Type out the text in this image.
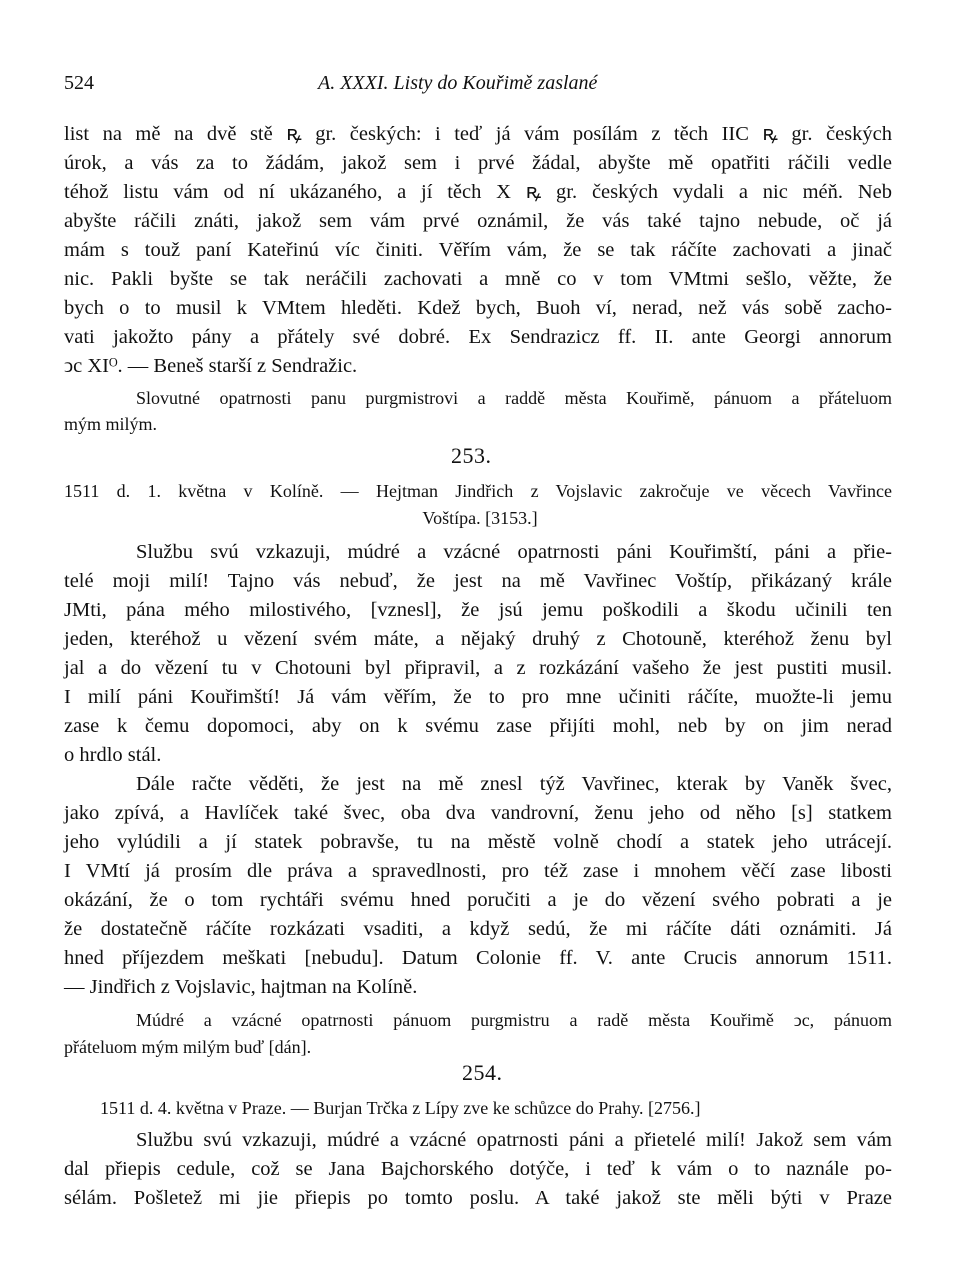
524	A. XXXI. Listy do Kouřimě zaslané
list na mě na dvě stě ꝶ gr. českých: i teď já vám posílám z těch IIC ꝶ gr. českých
úrok, a vás za to žádám, jakož sem i prvé žádal, abyšte mě opatřiti ráčili vedle
téhož listu vám od ní ukázaného, a jí těch X ꝶ gr. českých vydali a nic méň. Neb
abyšte ráčili znáti, jakož sem vám prvé oznámil, že vás také tajno nebude, oč já
mám s touž paní Kateřinú víc činiti. Věřím vám, že se tak ráčíte zachovati a jinač
nic. Pakli byšte se tak neráčili zachovati a mně co v tom VMtmi sešlo, věžte, že
bych o to musil k VMtem hleděti. Kdež bych, Buoh ví, nerad, než vás sobě zacho-
vati jakožto pány a přátely své dobré. Ex Sendrazicz ff. II. ante Georgi annorum
ↄc XIᴼ. — Beneš starší z Sendražic.
Slovutné opatrnosti panu purgmistrovi a raddě města Kouřimě, pánuom a přáteluom
mým milým.
253.
1511 d. 1. května v Kolíně. — Hejtman Jindřich z Vojslavic zakročuje ve věcech Vavřince
Voštípa. [3153.]
Službu svú vzkazuji, múdré a vzácné opatrnosti páni Kouřimští, páni a přie-
telé moji milí! Tajno vás nebuď, že jest na mě Vavřinec Voštíp, přikázaný krále
JMti, pána mého milostivého, [vznesl], že jsú jemu poškodili a škodu učinili ten
jeden, kteréhož u vězení svém máte, a nějaký druhý z Chotouně, kteréhož ženu byl
jal a do vězení tu v Chotouni byl připravil, a z rozkázání vašeho že jest pustiti musil.
I milí páni Kouřimští! Já vám věřím, že to pro mne učiniti ráčíte, muožte-li jemu
zase k čemu dopomoci, aby on k svému zase přijíti mohl, neb by on jim nerad
o hrdlo stál.
Dále račte věděti, že jest na mě znesl týž Vavřinec, kterak by Vaněk švec,
jako zpívá, a Havlíček také švec, oba dva vandrovní, ženu jeho od něho [s] statkem
jeho vylúdili a jí statek pobravše, tu na městě volně chodí a statek jeho utrácejí.
I VMtí já prosím dle práva a spravedlnosti, pro též zase i mnohem věčí zase libosti
okázání, že o tom rychtáři svému hned poručiti a je do vězení svého pobrati a je
že dostatečně ráčíte rozkázati vsaditi, a když sedú, že mi ráčíte dáti oznámiti. Já
hned příjezdem meškati [nebudu]. Datum Colonie ff. V. ante Crucis annorum 1511.
— Jindřich z Vojslavic, hajtman na Kolíně.
Múdré a vzácné opatrnosti pánuom purgmistru a radě města Kouřimě ↄc, pánuom
přáteluom mým milým buď [dán].
254.
1511 d. 4. května v Praze. — Burjan Trčka z Lípy zve ke schůzce do Prahy. [2756.]
Službu svú vzkazuji, múdré a vzácné opatrnosti páni a přietelé milí! Jakož sem vám
dal přiepis cedule, což se Jana Bajchorského dotýče, i teď k vám o to naznále po-
sélám. Pošletež mi jie přiepis po tomto poslu. A také jakož ste měli býti v Praze
